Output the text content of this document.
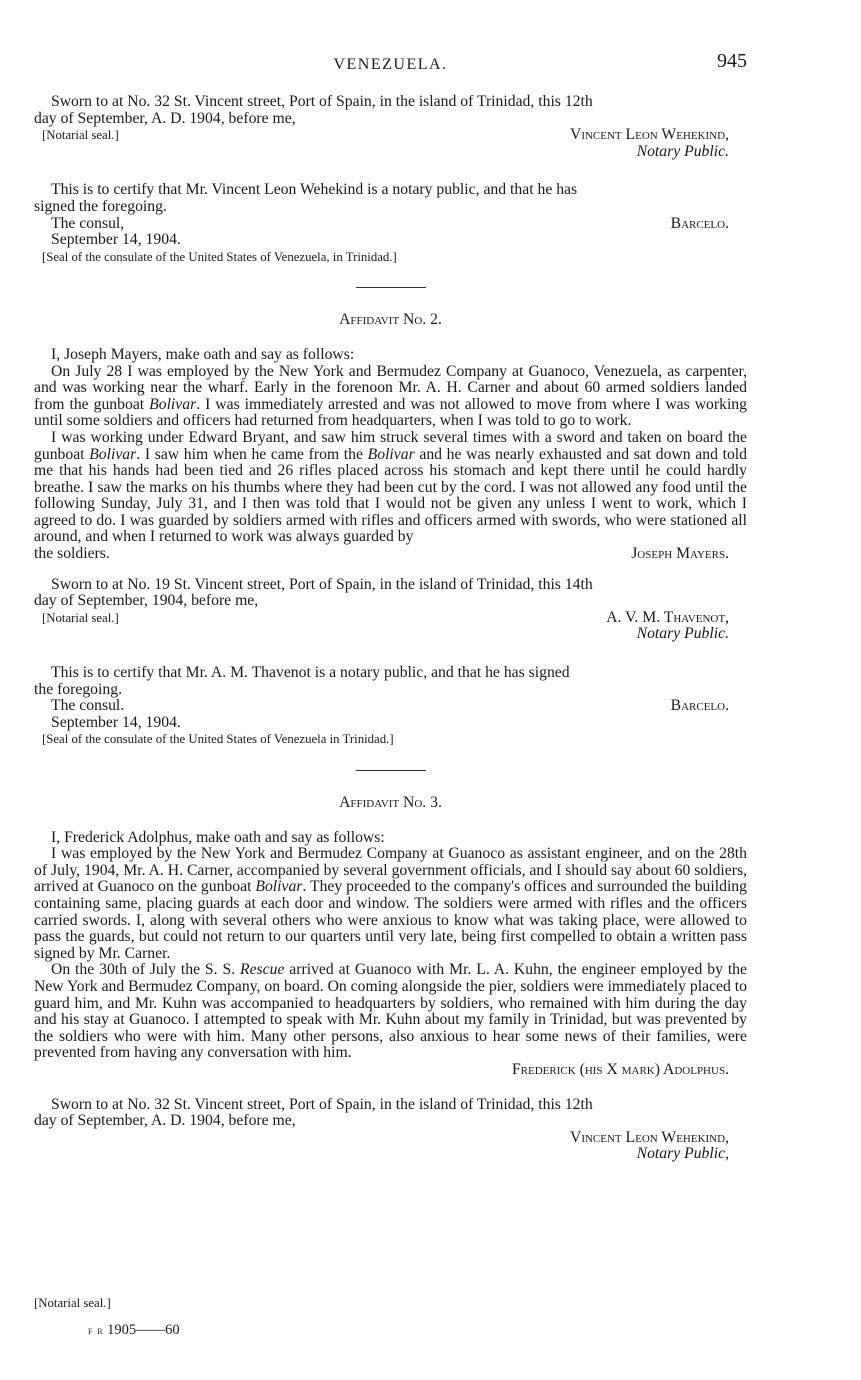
VENEZUELA.	945

Sworn to at No. 32 St. Vincent street, Port of Spain, in the island of Trinidad, this 12th

day of September, A. D. 1904, before me,
[Notarial seal.]	Vincent Leon Wehekind,
Notary Public.

This is to certify that Mr. Vincent Leon Wehekind is a notary public, and that he has

signed the foregoing.

The consul,	Barcelo.
September 14, 1904.
[Seal of the consulate of the United States of Venezuela, in Trinidad.]
Affidavit No. 2.

I, Joseph Mayers, make oath and say as follows:

On July 28 I was employed by the New York and Bermudez Company at Guanoco, Venezuela, as carpenter, and was working near the wharf. Early in the forenoon Mr. A. H. Carner and about 60 armed soldiers landed from the gunboat Bolivar. I was immediately arrested and was not allowed to move from where I was working until some soldiers and officers had returned from headquarters, when I was told to go to work.

I was working under Edward Bryant, and saw him struck several times with a sword and taken on board the gunboat Bolivar. I saw him when he came from the Bolivar and he was nearly exhausted and sat down and told me that his hands had been tied and 26 rifles placed across his stomach and kept there until he could hardly breathe. I saw the marks on his thumbs where they had been cut by the cord. I was not allowed any food until the following Sunday, July 31, and I then was told that I would not be given any unless I went to work, which I agreed to do. I was guarded by soldiers armed with rifles and officers armed with swords, who were stationed all around, and when I returned to work was always guarded by

the soldiers.	Joseph Mayers.

Sworn to at No. 19 St. Vincent street, Port of Spain, in the island of Trinidad, this 14th

day of September, 1904, before me,
[Notarial seal.]	A. V. M. Thavenot,
Notary Public.

This is to certify that Mr. A. M. Thavenot is a notary public, and that he has signed

the foregoing.

The consul.	Barcelo.
September 14, 1904.
[Seal of the consulate of the United States of Venezuela in Trinidad.]
Affidavit No. 3.

I, Frederick Adolphus, make oath and say as follows:

I was employed by the New York and Bermudez Company at Guanoco as assistant engineer, and on the 28th of July, 1904, Mr. A. H. Carner, accompanied by several government officials, and I should say about 60 soldiers, arrived at Guanoco on the gunboat Bolivar. They proceeded to the company's offices and surrounded the building containing same, placing guards at each door and window. The soldiers were armed with rifles and the officers carried swords. I, along with several others who were anxious to know what was taking place, were allowed to pass the guards, but could not return to our quarters until very late, being first compelled to obtain a written pass signed by Mr. Carner.

On the 30th of July the S. S. Rescue arrived at Guanoco with Mr. L. A. Kuhn, the engineer employed by the New York and Bermudez Company, on board. On coming alongside the pier, soldiers were immediately placed to guard him, and Mr. Kuhn was accompanied to headquarters by soldiers, who remained with him during the day and his stay at Guanoco. I attempted to speak with Mr. Kuhn about my family in Trinidad, but was prevented by the soldiers who were with him. Many other persons, also anxious to hear some news of their families, were prevented from having any conversation with him.

Frederick (his X mark) Adolphus.

Sworn to at No. 32 St. Vincent street, Port of Spain, in the island of Trinidad, this 12th

day of September, A. D. 1904, before me,
Vincent Leon Wehekind,
Notary Public,
[Notarial seal.]
f r 1905——60
